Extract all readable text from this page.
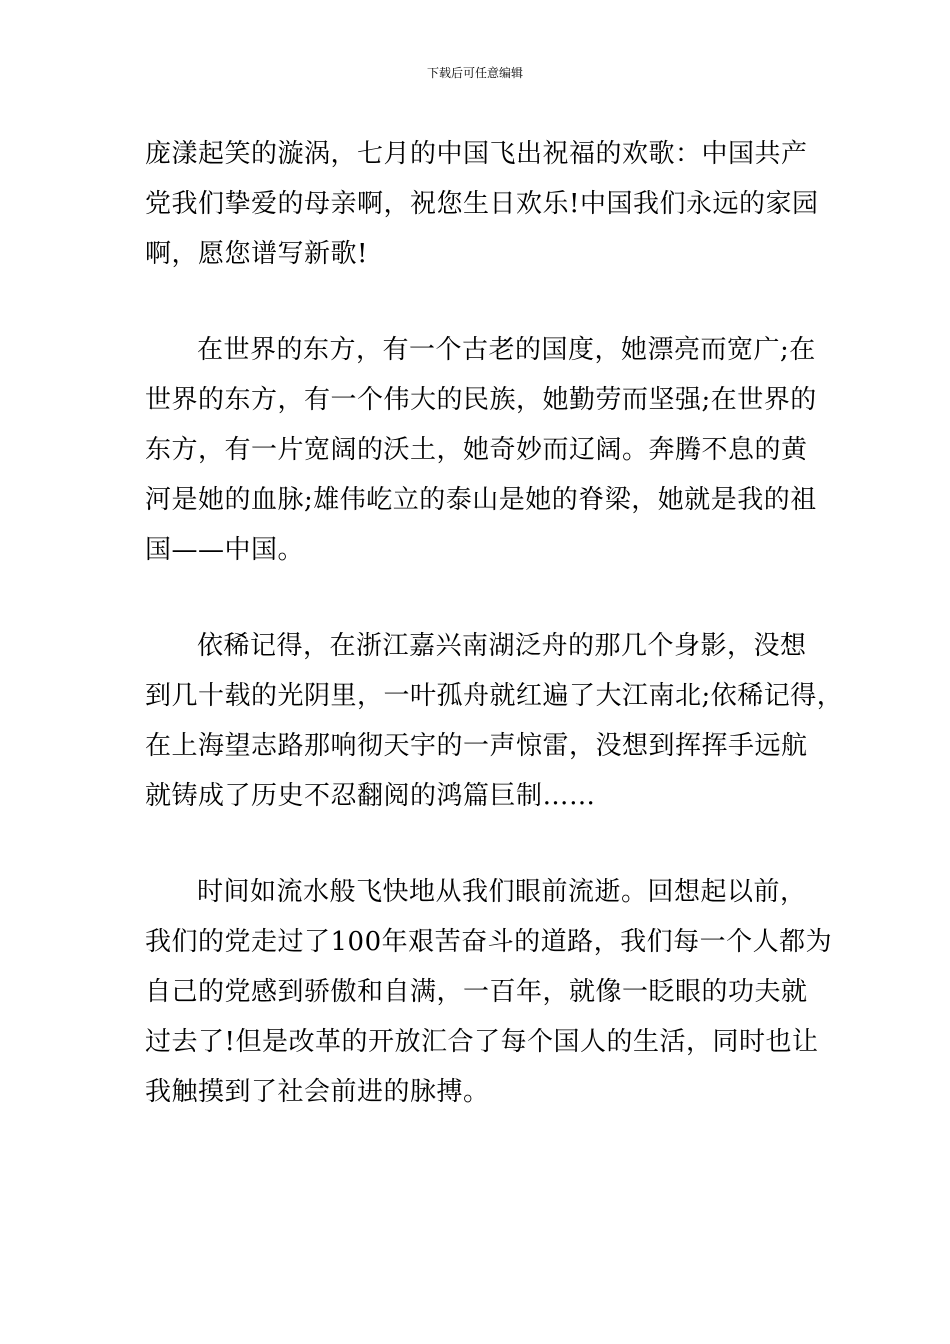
下载后可任意编辑
庞漾起笑的漩涡，七月的中国飞出祝福的欢歌：中国共产
党我们挚爱的母亲啊，祝您生日欢乐!中国我们永远的家园
啊，愿您谱写新歌!
在世界的东方，有一个古老的国度，她漂亮而宽广;在
世界的东方，有一个伟大的民族，她勤劳而坚强;在世界的
东方，有一片宽阔的沃土，她奇妙而辽阔。奔腾不息的黄
河是她的血脉;雄伟屹立的泰山是她的脊梁，她就是我的祖
国——中国。
依稀记得，在浙江嘉兴南湖泛舟的那几个身影，没想
到几十载的光阴里，一叶孤舟就红遍了大江南北;依稀记得，
在上海望志路那响彻天宇的一声惊雷，没想到挥挥手远航
就铸成了历史不忍翻阅的鸿篇巨制……
时间如流水般飞快地从我们眼前流逝。回想起以前，
我们的党走过了100年艰苦奋斗的道路，我们每一个人都为
自己的党感到骄傲和自满，一百年，就像一眨眼的功夫就
过去了!但是改革的开放汇合了每个国人的生活，同时也让
我触摸到了社会前进的脉搏。
